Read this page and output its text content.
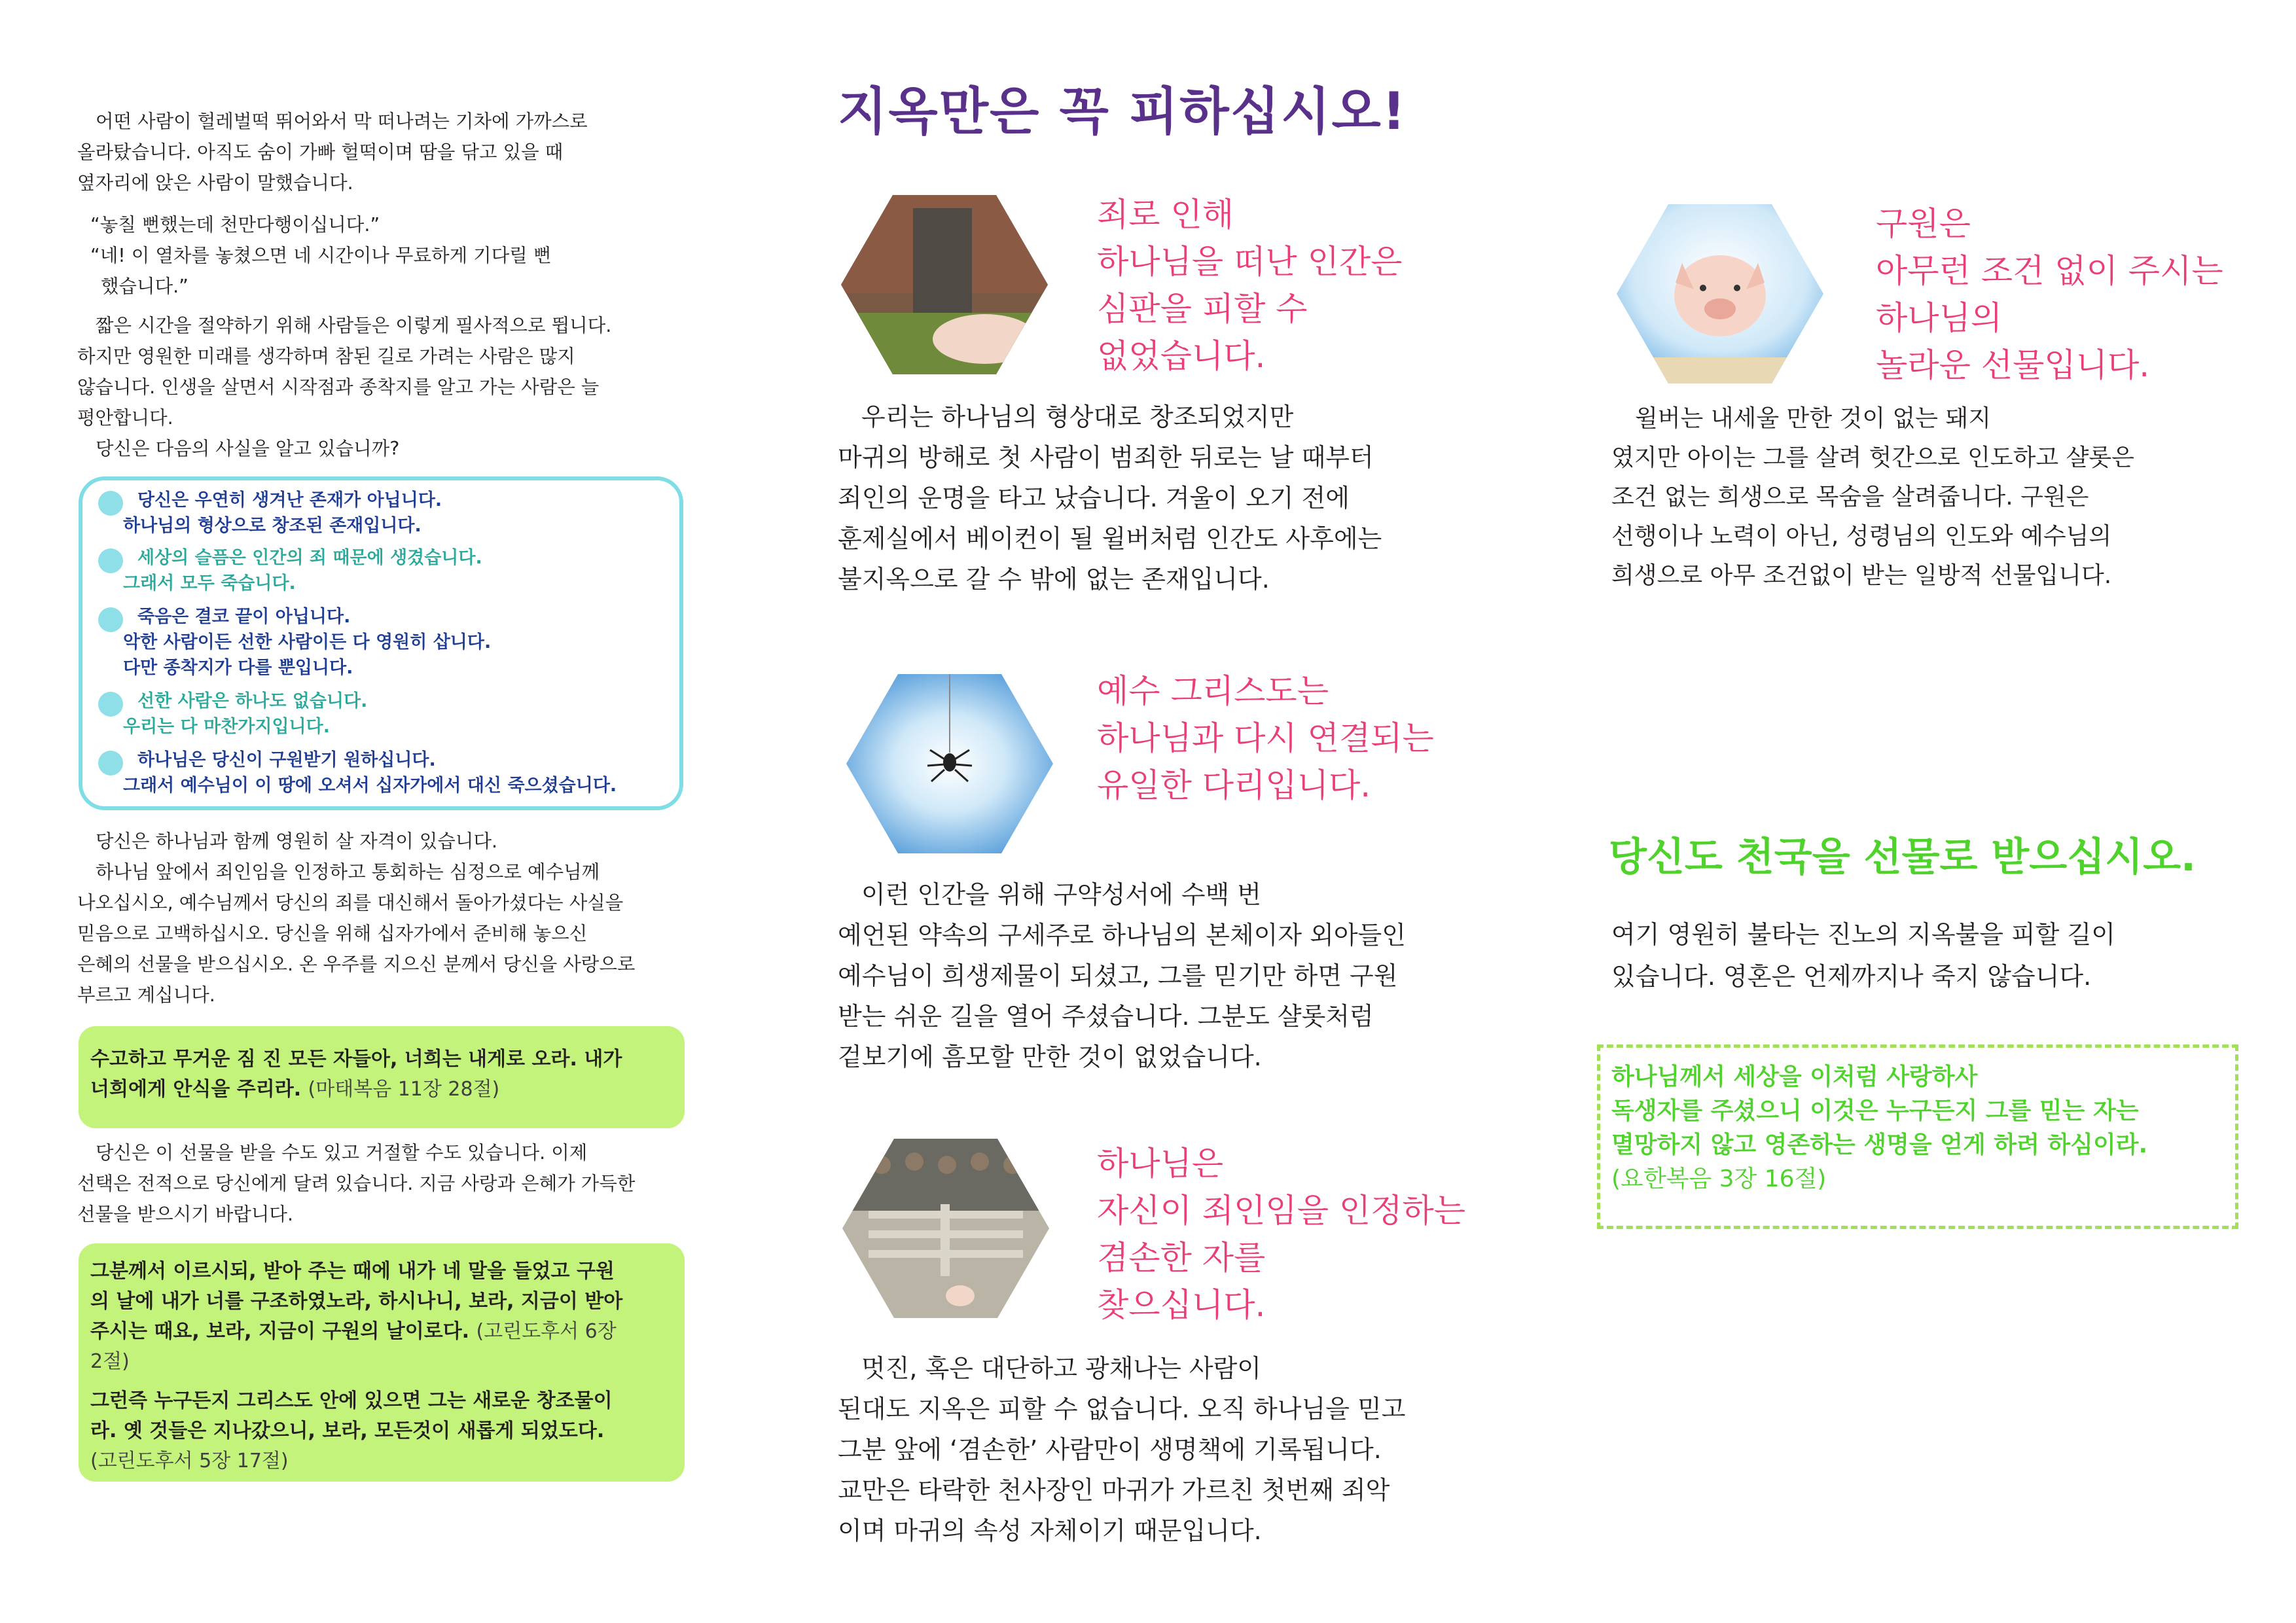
어떤 사람이 헐레벌떡 뛰어와서 막 떠나려는 기차에 가까스로

올라탔습니다. 아직도 숨이 가빠 헐떡이며 땀을 닦고 있을 때

옆자리에 앉은 사람이 말했습니다.

“놓칠 뻔했는데 천만다행이십니다.”

“네! 이 열차를 놓쳤으면 네 시간이나 무료하게 기다릴 뻔

했습니다.”

짧은 시간을 절약하기 위해 사람들은 이렇게 필사적으로 뜁니다.

하지만 영원한 미래를 생각하며 참된 길로 가려는 사람은 많지

않습니다. 인생을 살면서 시작점과 종착지를 알고 가는 사람은 늘

평안합니다.

당신은 다음의 사실을 알고 있습니까?

당신은 우연히 생겨난 존재가 아닙니다.

하나님의 형상으로 창조된 존재입니다.

세상의 슬픔은 인간의 죄 때문에 생겼습니다.

그래서 모두 죽습니다.

죽음은 결코 끝이 아닙니다.

악한 사람이든 선한 사람이든 다 영원히 삽니다.

다만 종착지가 다를 뿐입니다.

선한 사람은 하나도 없습니다.

우리는 다 마찬가지입니다.

하나님은 당신이 구원받기 원하십니다.

그래서 예수님이 이 땅에 오셔서 십자가에서 대신 죽으셨습니다.

당신은 하나님과 함께 영원히 살 자격이 있습니다.

하나님 앞에서 죄인임을 인정하고 통회하는 심정으로 예수님께

나오십시오, 예수님께서 당신의 죄를 대신해서 돌아가셨다는 사실을

믿음으로 고백하십시오. 당신을 위해 십자가에서 준비해 놓으신

은혜의 선물을 받으십시오. 온 우주를 지으신 분께서 당신을 사랑으로

부르고 계십니다.

수고하고 무거운 짐 진 모든 자들아, 너희는 내게로 오라. 내가

너희에게 안식을 주리라. (마태복음 11장 28절)

당신은 이 선물을 받을 수도 있고 거절할 수도 있습니다. 이제

선택은 전적으로 당신에게 달려 있습니다. 지금 사랑과 은혜가 가득한

선물을 받으시기 바랍니다.

그분께서 이르시되, 받아 주는 때에 내가 네 말을 들었고 구원

의 날에 내가 너를 구조하였노라, 하시나니, 보라, 지금이 받아

주시는 때요, 보라, 지금이 구원의 날이로다. (고린도후서 6장

2절)

그런즉 누구든지 그리스도 안에 있으면 그는 새로운 창조물이

라. 옛 것들은 지나갔으니, 보라, 모든것이 새롭게 되었도다.

(고린도후서 5장 17절)

지옥만은 꼭 피하십시오!

죄로 인해

하나님을 떠난 인간은

심판을 피할 수

없었습니다.

우리는 하나님의 형상대로 창조되었지만

마귀의 방해로 첫 사람이 범죄한 뒤로는 날 때부터

죄인의 운명을 타고 났습니다. 겨울이 오기 전에

훈제실에서 베이컨이 될 윌버처럼 인간도 사후에는

불지옥으로 갈 수 밖에 없는 존재입니다.

예수 그리스도는

하나님과 다시 연결되는

유일한 다리입니다.

이런 인간을 위해 구약성서에 수백 번

예언된 약속의 구세주로 하나님의 본체이자 외아들인

예수님이 희생제물이 되셨고, 그를 믿기만 하면 구원

받는 쉬운 길을 열어 주셨습니다. 그분도 샬롯처럼

겉보기에 흠모할 만한 것이 없었습니다.

하나님은

자신이 죄인임을 인정하는

겸손한 자를

찾으십니다.

멋진, 혹은 대단하고 광채나는 사람이

된대도 지옥은 피할 수 없습니다. 오직 하나님을 믿고

그분 앞에 ‘겸손한’ 사람만이 생명책에 기록됩니다.

교만은 타락한 천사장인 마귀가 가르친 첫번째 죄악

이며 마귀의 속성 자체이기 때문입니다.

구원은

아무런 조건 없이 주시는

하나님의

놀라운 선물입니다.

윌버는 내세울 만한 것이 없는 돼지

였지만 아이는 그를 살려 헛간으로 인도하고 샬롯은

조건 없는 희생으로 목숨을 살려줍니다. 구원은

선행이나 노력이 아닌, 성령님의 인도와 예수님의

희생으로 아무 조건없이 받는 일방적 선물입니다.

당신도 천국을 선물로 받으십시오.

여기 영원히 불타는 진노의 지옥불을 피할 길이

있습니다. 영혼은 언제까지나 죽지 않습니다.

하나님께서 세상을 이처럼 사랑하사

독생자를 주셨으니 이것은 누구든지 그를 믿는 자는

멸망하지 않고 영존하는 생명을 얻게 하려 하심이라.

(요한복음 3장 16절)
